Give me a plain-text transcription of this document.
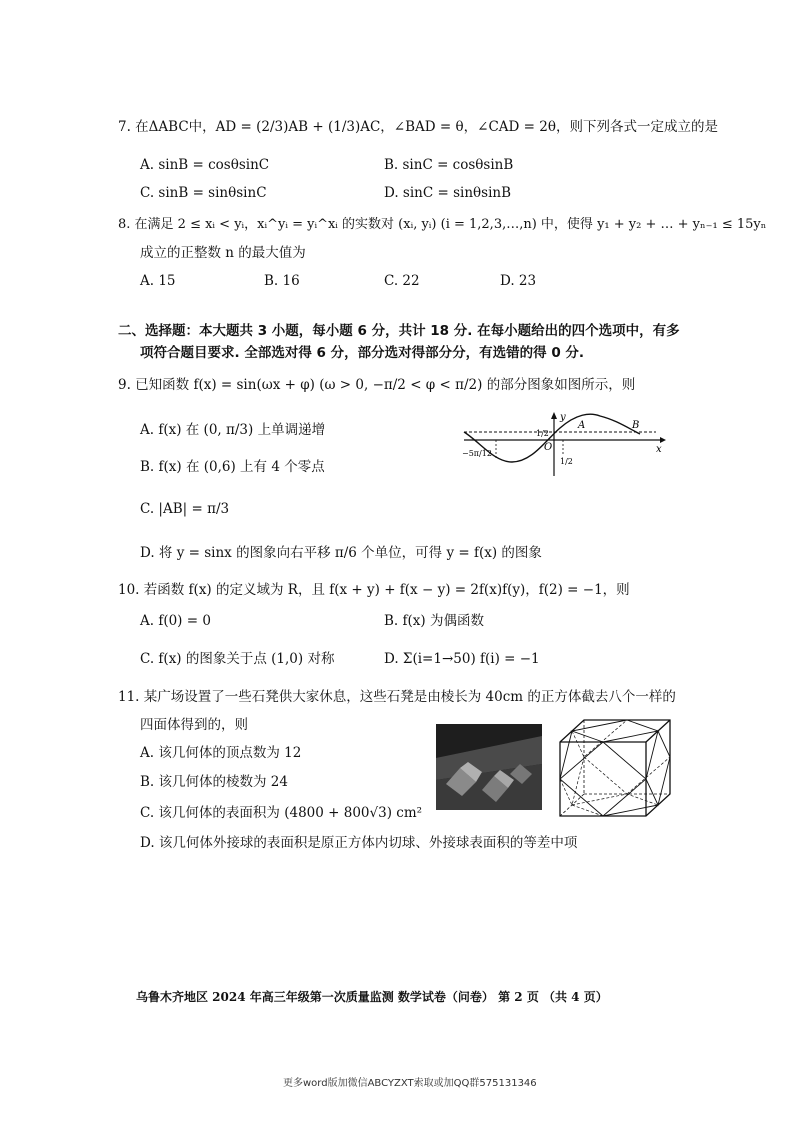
7. 在ΔABC中，AD = (2/3)AB + (1/3)AC，∠BAD = θ，∠CAD = 2θ，则下列各式一定成立的是
A. sinB = cosθsinC	B. sinC = cosθsinB
C. sinB = sinθsinC	D. sinC = sinθsinB
8. 在满足 2 ≤ xᵢ < yᵢ，xᵢ^yᵢ = yᵢ^xᵢ 的实数对 (xᵢ, yᵢ) (i = 1,2,3,…,n) 中，使得 y₁ + y₂ + … + yₙ₋₁ ≤ 15yₙ
成立的正整数 n 的最大值为
A. 15	B. 16	C. 22	D. 23
二、选择题：本大题共 3 小题，每小题 6 分，共计 18 分. 在每小题给出的四个选项中，有多
项符合题目要求. 全部选对得 6 分，部分选对得部分分，有选错的得 0 分.
9. 已知函数 f(x) = sin(ωx + φ) (ω > 0, −π/2 < φ < π/2) 的部分图象如图所示，则
A. f(x) 在 (0, π/3) 上单调递增
B. f(x) 在 (0,6) 上有 4 个零点
C. |AB| = π/3
D. 将 y = sinx 的图象向右平移 π/6 个单位，可得 y = f(x) 的图象
y
x
O
A	B
1/2
−5π/12
1/2
10. 若函数 f(x) 的定义域为 R，且 f(x + y) + f(x − y) = 2f(x)f(y)，f(2) = −1，则
A. f(0) = 0	B. f(x) 为偶函数
C. f(x) 的图象关于点 (1,0) 对称	D. Σ(i=1→50) f(i) = −1
11. 某广场设置了一些石凳供大家休息，这些石凳是由棱长为 40cm 的正方体截去八个一样的
四面体得到的，则
A. 该几何体的顶点数为 12
B. 该几何体的棱数为 24
C. 该几何体的表面积为 (4800 + 800√3) cm²
D. 该几何体外接球的表面积是原正方体内切球、外接球表面积的等差中项
乌鲁木齐地区 2024 年高三年级第一次质量监测 数学试卷（问卷） 第 2 页 （共 4 页）
更多word版加微信ABCYZXT索取或加QQ群575131346
